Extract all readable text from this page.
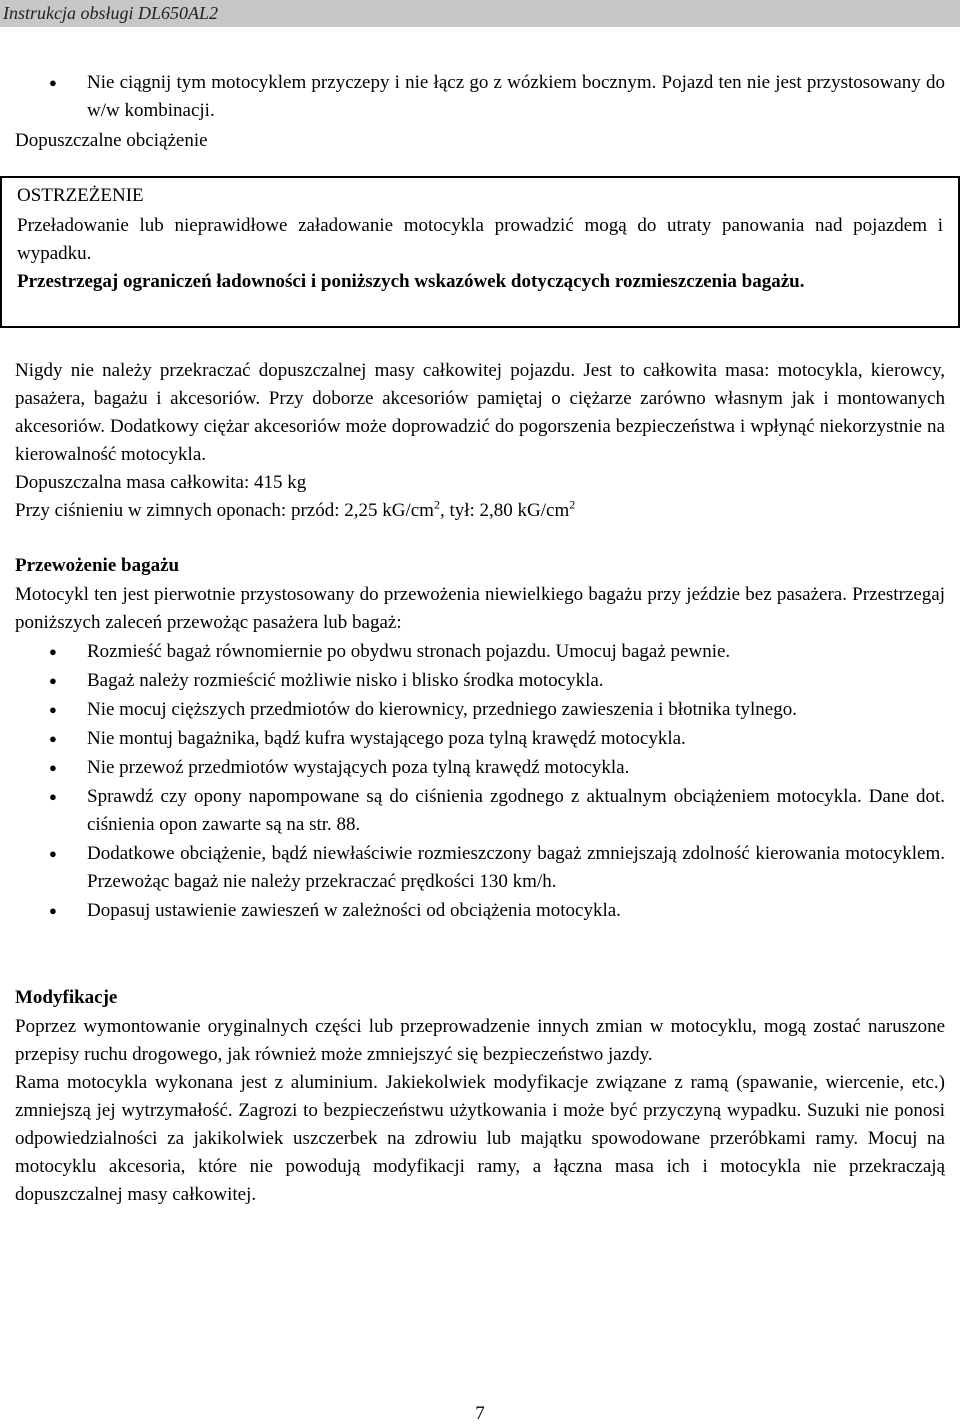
Instrukcja obsługi DL650AL2
● Nie ciągnij tym motocyklem przyczepy i nie łącz go z wózkiem bocznym. Pojazd ten nie jest przystosowany do w/w kombinacji.

Dopuszczalne obciążenie

OSTRZEŻENIE

Przeładowanie lub nieprawidłowe załadowanie motocykla prowadzić mogą do utraty panowania nad pojazdem i wypadku.

Przestrzegaj ograniczeń ładowności i poniższych wskazówek dotyczących rozmieszczenia bagażu.

Nigdy nie należy przekraczać dopuszczalnej masy całkowitej pojazdu. Jest to całkowita masa: motocykla, kierowcy, pasażera, bagażu i akcesoriów. Przy doborze akcesoriów pamiętaj o ciężarze zarówno własnym jak i montowanych akcesoriów. Dodatkowy ciężar akcesoriów może doprowadzić do pogorszenia bezpieczeństwa i wpłynąć niekorzystnie na kierowalność motocykla.

Dopuszczalna masa całkowita: 415 kg

Przy ciśnieniu w zimnych oponach: przód: 2,25 $kG/cm^2$, tył: 2,80 $kG/cm^2$

Przewożenie bagażu

Motocykl ten jest pierwotnie przystosowany do przewożenia niewielkiego bagażu przy jeździe bez pasażera. Przestrzegaj poniższych zaleceń przewożąc pasażera lub bagaż:

● Rozmieść bagaż równomiernie po obydwu stronach pojazdu. Umocuj bagaż pewnie.
● Bagaż należy rozmieścić możliwie nisko i blisko środka motocykla.
● Nie mocuj cięższych przedmiotów do kierownicy, przedniego zawieszenia i błotnika tylnego.
● Nie montuj bagażnika, bądź kufra wystającego poza tylną krawędź motocykla.
● Nie przewoź przedmiotów wystających poza tylną krawędź motocykla.
● Sprawdź czy opony napompowane są do ciśnienia zgodnego z aktualnym obciążeniem motocykla. Dane dot. ciśnienia opon zawarte są na str. 88.
● Dodatkowe obciążenie, bądź niewłaściwie rozmieszczony bagaż zmniejszają zdolność kierowania motocyklem. Przewożąc bagaż nie należy przekraczać prędkości 130 km/h.
● Dopasuj ustawienie zawieszeń w zależności od obciążenia motocykla.

Modyfikacje

Poprzez wymontowanie oryginalnych części lub przeprowadzenie innych zmian w motocyklu, mogą zostać naruszone przepisy ruchu drogowego, jak również może zmniejszyć się bezpieczeństwo jazdy.

Rama motocykla wykonana jest z aluminium. Jakiekolwiek modyfikacje związane z ramą (spawanie, wiercenie, etc.) zmniejszą jej wytrzymałość. Zagrozi to bezpieczeństwu użytkowania i może być przyczyną wypadku. Suzuki nie ponosi odpowiedzialności za jakikolwiek uszczerbek na zdrowiu lub majątku spowodowane przeróbkami ramy. Mocuj na motocyklu akcesoria, które nie powodują modyfikacji ramy, a łączna masa ich i motocykla nie przekraczają dopuszczalnej masy całkowitej.

7
